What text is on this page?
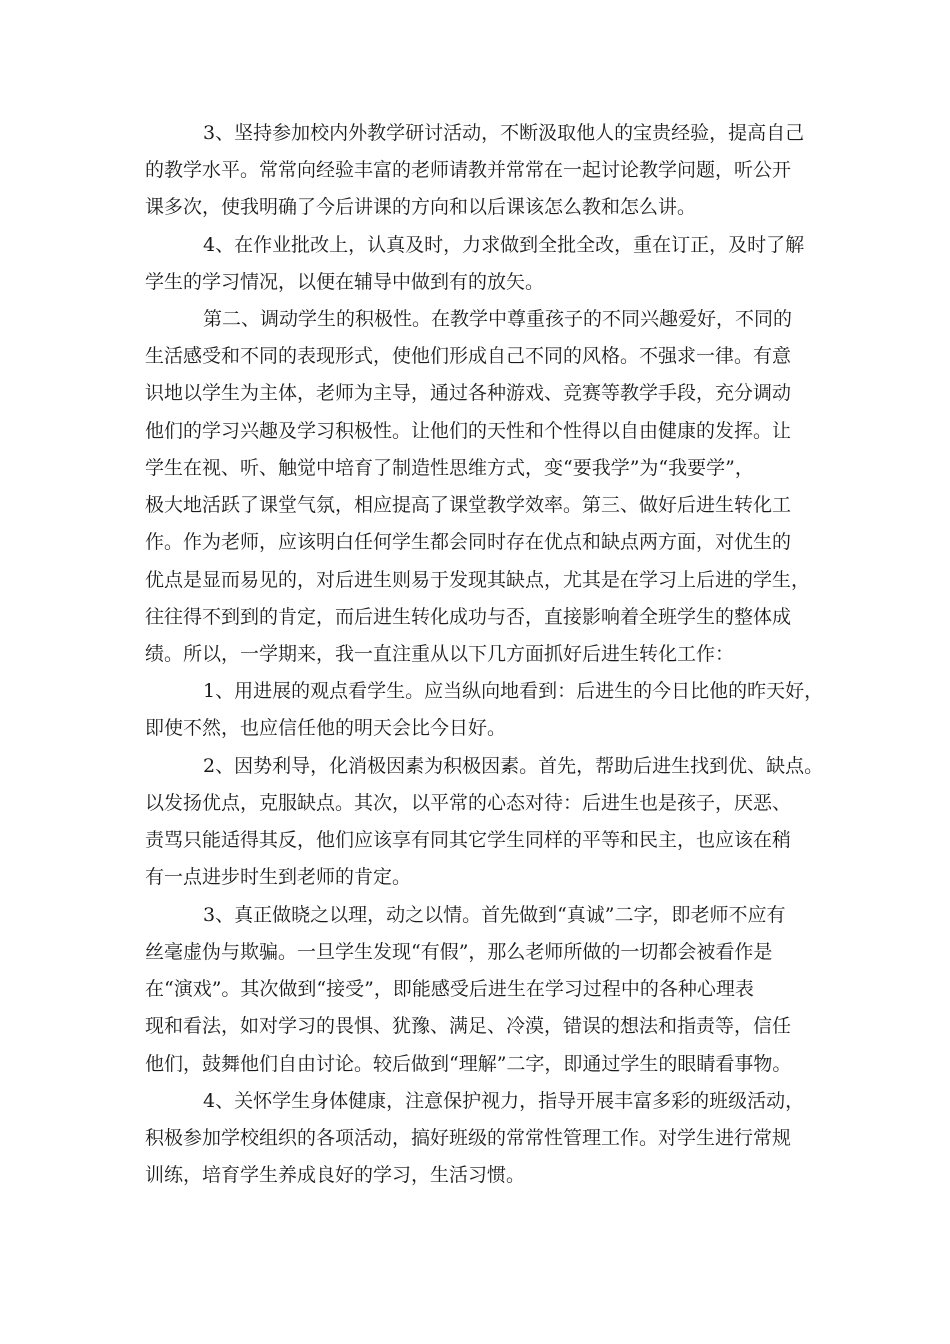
3、坚持参加校内外教学研讨活动，不断汲取他人的宝贵经验，提高自己
的教学水平。常常向经验丰富的老师请教并常常在一起讨论教学问题，听公开
课多次，使我明确了今后讲课的方向和以后课该怎么教和怎么讲。
4、在作业批改上，认真及时，力求做到全批全改，重在订正，及时了解
学生的学习情况，以便在辅导中做到有的放矢。
第二、调动学生的积极性。在教学中尊重孩子的不同兴趣爱好，不同的
生活感受和不同的表现形式，使他们形成自己不同的风格。不强求一律。有意
识地以学生为主体，老师为主导，通过各种游戏、竞赛等教学手段，充分调动
他们的学习兴趣及学习积极性。让他们的天性和个性得以自由健康的发挥。让
学生在视、听、触觉中培育了制造性思维方式，变“要我学”为“我要学”，
极大地活跃了课堂气氛，相应提高了课堂教学效率。第三、做好后进生转化工
作。作为老师，应该明白任何学生都会同时存在优点和缺点两方面，对优生的
优点是显而易见的，对后进生则易于发现其缺点，尤其是在学习上后进的学生，
往往得不到到的肯定，而后进生转化成功与否，直接影响着全班学生的整体成
绩。所以，一学期来，我一直注重从以下几方面抓好后进生转化工作：
1、用进展的观点看学生。应当纵向地看到：后进生的今日比他的昨天好，
即使不然，也应信任他的明天会比今日好。
2、因势利导，化消极因素为积极因素。首先，帮助后进生找到优、缺点。
以发扬优点，克服缺点。其次，以平常的心态对待：后进生也是孩子，厌恶、
责骂只能适得其反，他们应该享有同其它学生同样的平等和民主，也应该在稍
有一点进步时生到老师的肯定。
3、真正做晓之以理，动之以情。首先做到“真诚”二字，即老师不应有
丝毫虚伪与欺骗。一旦学生发现“有假”，那么老师所做的一切都会被看作是
在“演戏”。其次做到“接受”，即能感受后进生在学习过程中的各种心理表
现和看法，如对学习的畏惧、犹豫、满足、冷漠，错误的想法和指责等，信任
他们，鼓舞他们自由讨论。较后做到“理解”二字，即通过学生的眼睛看事物。
4、关怀学生身体健康，注意保护视力，指导开展丰富多彩的班级活动，
积极参加学校组织的各项活动，搞好班级的常常性管理工作。对学生进行常规
训练，培育学生养成良好的学习，生活习惯。
